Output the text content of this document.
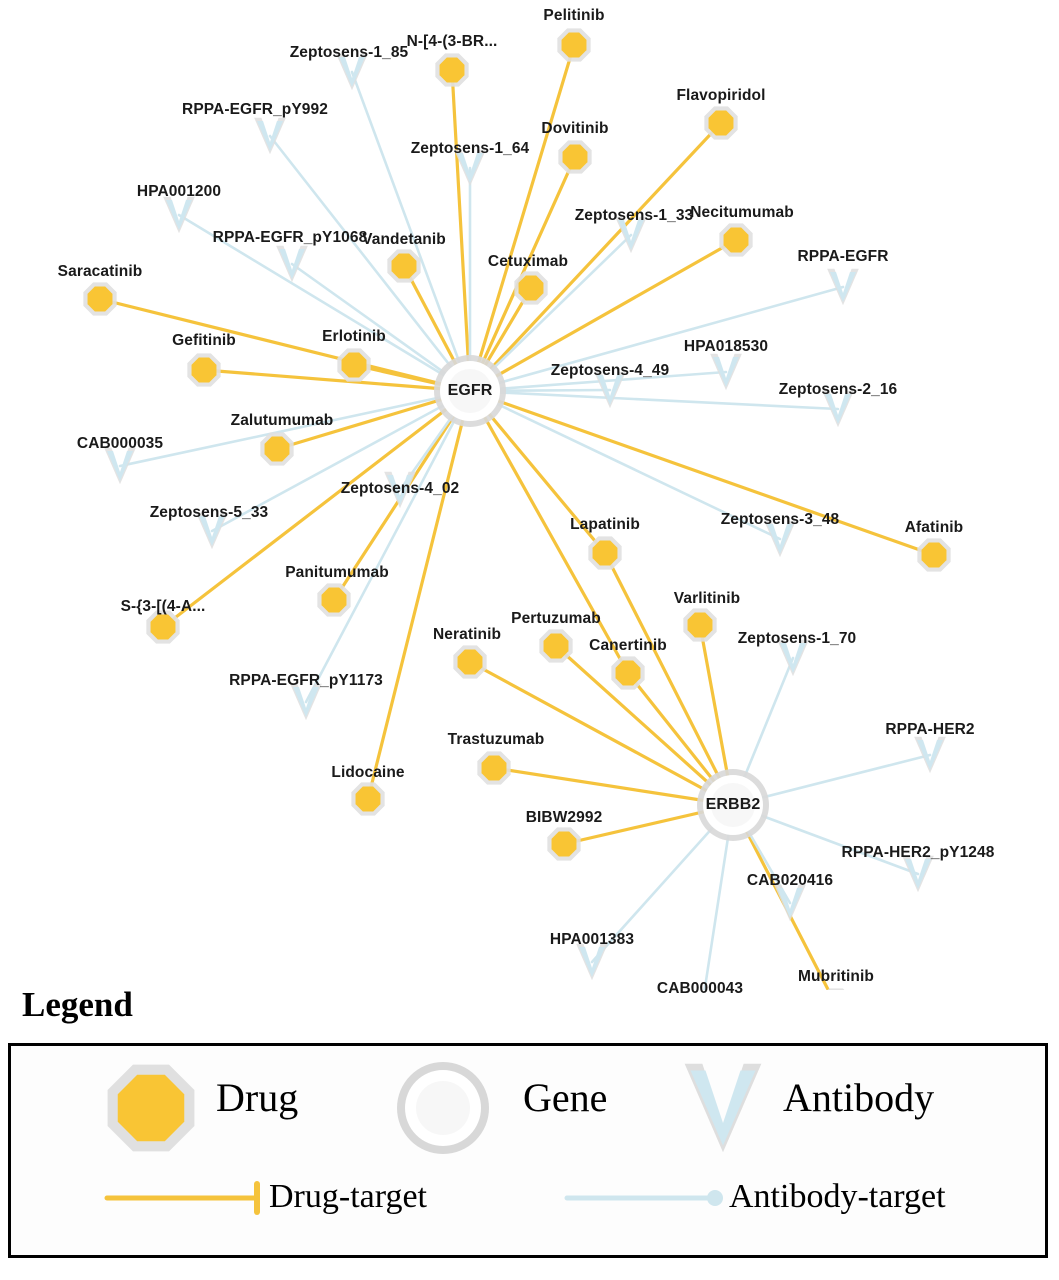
Zeptosens-1_85
RPPA-EGFR_pY992
Zeptosens-1_64
HPA001200
RPPA-EGFR_pY1068
Zeptosens-1_33
RPPA-EGFR
HPA018530
Zeptosens-4_49
Zeptosens-2_16
CAB000035
Zeptosens-4_02
Zeptosens-5_33	Zeptosens-3_48
RPPA-EGFR_pY1173
Zeptosens-1_70
RPPA-HER2
RPPA-HER2_pY1248
CAB020416
HPA001383
CAB000043
Pelitinib
N-[4-(3-BR...
Dovitinib
Flavopiridol
Necitumumab
Vandetanib
Cetuximab
Saracatinib
Gefitinib	Erlotinib
Zalutumumab
Panitumumab
S-{3-[(4-A...
Lidocaine
Afatinib
Lapatinib
Varlitinib
Pertuzumab
Canertinib
Neratinib
Trastuzumab
BIBW2992
Mubritinib
EGFR
ERBB2
Legend
Drug	Gene	Antibody
Drug-target	Antibody-target
